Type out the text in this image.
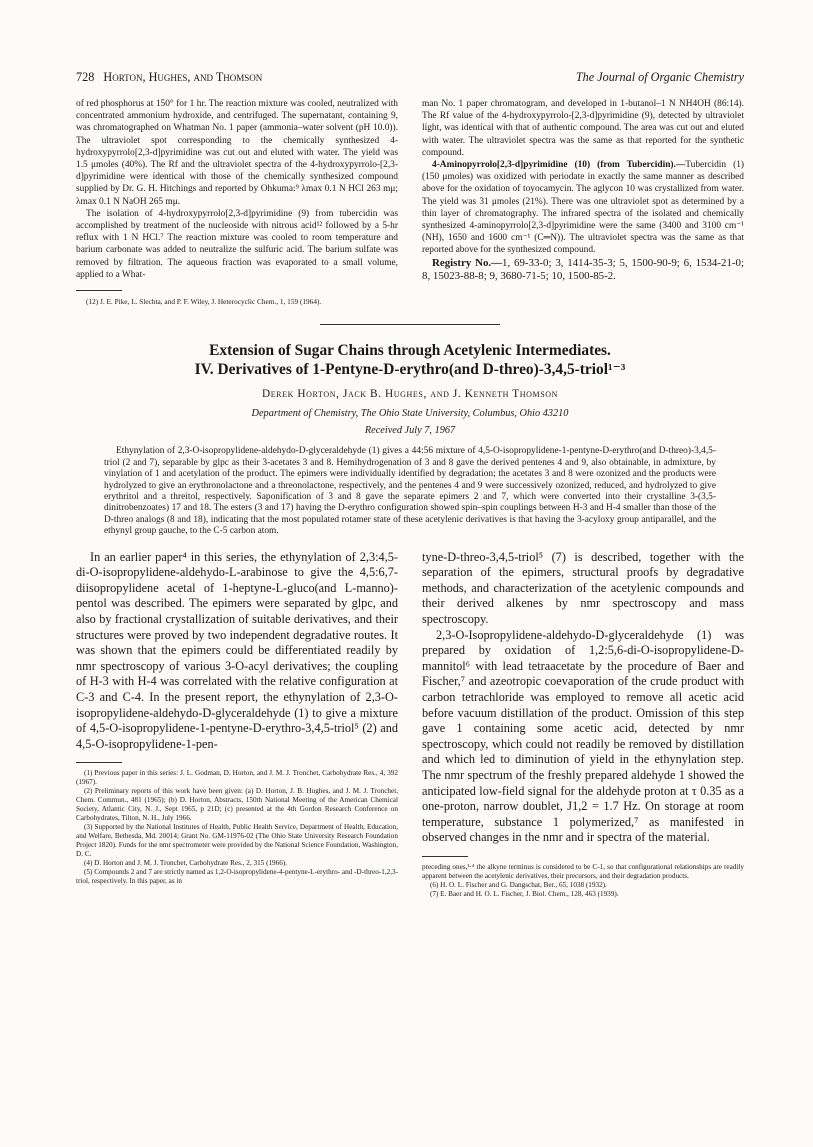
728 Horton, Hughes, and Thomson	The Journal of Organic Chemistry

of red phosphorus at 150° for 1 hr. The reaction mixture was cooled, neutralized with concentrated ammonium hydroxide, and centrifuged. The supernatant, containing 9, was chromatographed on Whatman No. 1 paper (ammonia–water solvent (pH 10.0)). The ultraviolet spot corresponding to the chemically synthesized 4-hydroxypyrrolo[2,3-d]pyrimidine was cut out and eluted with water. The yield was 1.5 μmoles (40%). The Rf and the ultraviolet spectra of the 4-hydroxypyrrolo-[2,3-d]pyrimidine were identical with those of the chemically synthesized compound supplied by Dr. G. H. Hitchings and reported by Ohkuma:⁹ λmax 0.1 N HCl 263 mμ; λmax 0.1 N NaOH 265 mμ.

The isolation of 4-hydroxypyrrolo[2,3-d]pyrimidine (9) from tubercidin was accomplished by treatment of the nucleoside with nitrous acid¹² followed by a 5-hr reflux with 1 N HCl.⁷ The reaction mixture was cooled to room temperature and barium carbonate was added to neutralize the sulfuric acid. The barium sulfate was removed by filtration. The aqueous fraction was evaporated to a small volume, applied to a What-

(12) J. E. Pike, L. Slechta, and P. F. Wiley, J. Heterocyclic Chem., 1, 159 (1964).

man No. 1 paper chromatogram, and developed in 1-butanol–1 N NH4OH (86:14). The Rf value of the 4-hydroxypyrrolo-[2,3-d]pyrimidine (9), detected by ultraviolet light, was identical with that of authentic compound. The area was cut out and eluted with water. The ultraviolet spectra was the same as that reported for the synthetic compound.

4-Aminopyrrolo[2,3-d]pyrimidine (10) (from Tubercidin).—Tubercidin (1) (150 μmoles) was oxidized with periodate in exactly the same manner as described above for the oxidation of toyocamycin. The aglycon 10 was crystallized from water. The yield was 31 μmoles (21%). There was one ultraviolet spot as determined by a thin layer of chromatography. The infrared spectra of the isolated and chemically synthesized 4-aminopyrrolo[2,3-d]pyrimidine were the same (3400 and 3100 cm⁻¹ (NH), 1650 and 1600 cm⁻¹ (C═N)). The ultraviolet spectra was the same as that reported above for the synthesized compound.

Registry No.—1, 69-33-0; 3, 1414-35-3; 5, 1500-90-9; 6, 1534-21-0; 8, 15023-88-8; 9, 3680-71-5; 10, 1500-85-2.

Extension of Sugar Chains through Acetylenic Intermediates.
IV. Derivatives of 1-Pentyne-D-erythro(and D-threo)-3,4,5-triol¹⁻³
Derek Horton, Jack B. Hughes, and J. Kenneth Thomson
Department of Chemistry, The Ohio State University, Columbus, Ohio 43210
Received July 7, 1967

Ethynylation of 2,3-O-isopropylidene-aldehydo-D-glyceraldehyde (1) gives a 44:56 mixture of 4,5-O-isopropylidene-1-pentyne-D-erythro(and D-threo)-3,4,5-triol (2 and 7), separable by glpc as their 3-acetates 3 and 8. Hemihydrogenation of 3 and 8 gave the derived pentenes 4 and 9, also obtainable, in admixture, by vinylation of 1 and acetylation of the product. The epimers were individually identified by degradation; the acetates 3 and 8 were ozonized and the products were hydrolyzed to give an erythronolactone and a threonolactone, respectively, and the pentenes 4 and 9 were successively ozonized, reduced, and hydrolyzed to give erythritol and a threitol, respectively. Saponification of 3 and 8 gave the separate epimers 2 and 7, which were converted into their crystalline 3-(3,5-dinitrobenzoates) 17 and 18. The esters (3 and 17) having the D-erythro configuration showed spin–spin couplings between H-3 and H-4 smaller than those of the D-threo analogs (8 and 18), indicating that the most populated rotamer state of these acetylenic derivatives is that having the 3-acyloxy group antiparallel, and the ethynyl group gauche, to the C-5 carbon atom.

In an earlier paper⁴ in this series, the ethynylation of 2,3:4,5-di-O-isopropylidene-aldehydo-L-arabinose to give the 4,5:6,7-diisopropylidene acetal of 1-heptyne-L-gluco(and L-manno)-pentol was described. The epimers were separated by glpc, and also by fractional crystallization of suitable derivatives, and their structures were proved by two independent degradative routes. It was shown that the epimers could be differentiated readily by nmr spectroscopy of various 3-O-acyl derivatives; the coupling of H-3 with H-4 was correlated with the relative configuration at C-3 and C-4. In the present report, the ethynylation of 2,3-O-isopropylidene-aldehydo-D-glyceraldehyde (1) to give a mixture of 4,5-O-isopropylidene-1-pentyne-D-erythro-3,4,5-triol⁵ (2) and 4,5-O-isopropylidene-1-pen-

(1) Previous paper in this series: J. L. Godman, D. Horton, and J. M. J. Tronchet, Carbohydrate Res., 4, 392 (1967).

(2) Preliminary reports of this work have been given: (a) D. Horton, J. B. Hughes, and J. M. J. Tronchet, Chem. Commun., 481 (1965); (b) D. Horton, Abstracts, 150th National Meeting of the American Chemical Society, Atlantic City, N. J., Sept 1965, p 21D; (c) presented at the 4th Gordon Research Conference on Carbohydrates, Tilton, N. H., July 1966.

(3) Supported by the National Institutes of Health, Public Health Service, Department of Health, Education, and Welfare, Bethesda, Md. 20014; Grant No. GM-11976-02 (The Ohio State University Research Foundation Project 1820). Funds for the nmr spectrometer were provided by the National Science Foundation, Washington, D. C.

(4) D. Horton and J. M. J. Tronchet, Carbohydrate Res., 2, 315 (1966).

(5) Compounds 2 and 7 are strictly named as 1,2-O-isopropylidene-4-pentyne-L-erythro- and -D-threo-1,2,3-triol, respectively. In this paper, as in

tyne-D-threo-3,4,5-triol⁵ (7) is described, together with the separation of the epimers, structural proofs by degradative methods, and characterization of the acetylenic compounds and their derived alkenes by nmr spectroscopy and mass spectroscopy.

2,3-O-Isopropylidene-aldehydo-D-glyceraldehyde (1) was prepared by oxidation of 1,2:5,6-di-O-isopropylidene-D-mannitol⁶ with lead tetraacetate by the procedure of Baer and Fischer,⁷ and azeotropic coevaporation of the crude product with carbon tetrachloride was employed to remove all acetic acid before vacuum distillation of the product. Omission of this step gave 1 containing some acetic acid, detected by nmr spectroscopy, which could not readily be removed by distillation and which led to diminution of yield in the ethynylation step. The nmr spectrum of the freshly prepared aldehyde 1 showed the anticipated low-field signal for the aldehyde proton at τ 0.35 as a one-proton, narrow doublet, J1,2 = 1.7 Hz. On storage at room temperature, substance 1 polymerized,⁷ as manifested in observed changes in the nmr and ir spectra of the material.

preceding ones,¹·⁴ the alkyne terminus is considered to be C-1, so that configurational relationships are readily apparent between the acetylenic derivatives, their precursors, and their degradation products.

(6) H. O. L. Fischer and G. Dangschat, Ber., 65, 1038 (1932).

(7) E. Baer and H. O. L. Fischer, J. Biol. Chem., 128, 463 (1939).
